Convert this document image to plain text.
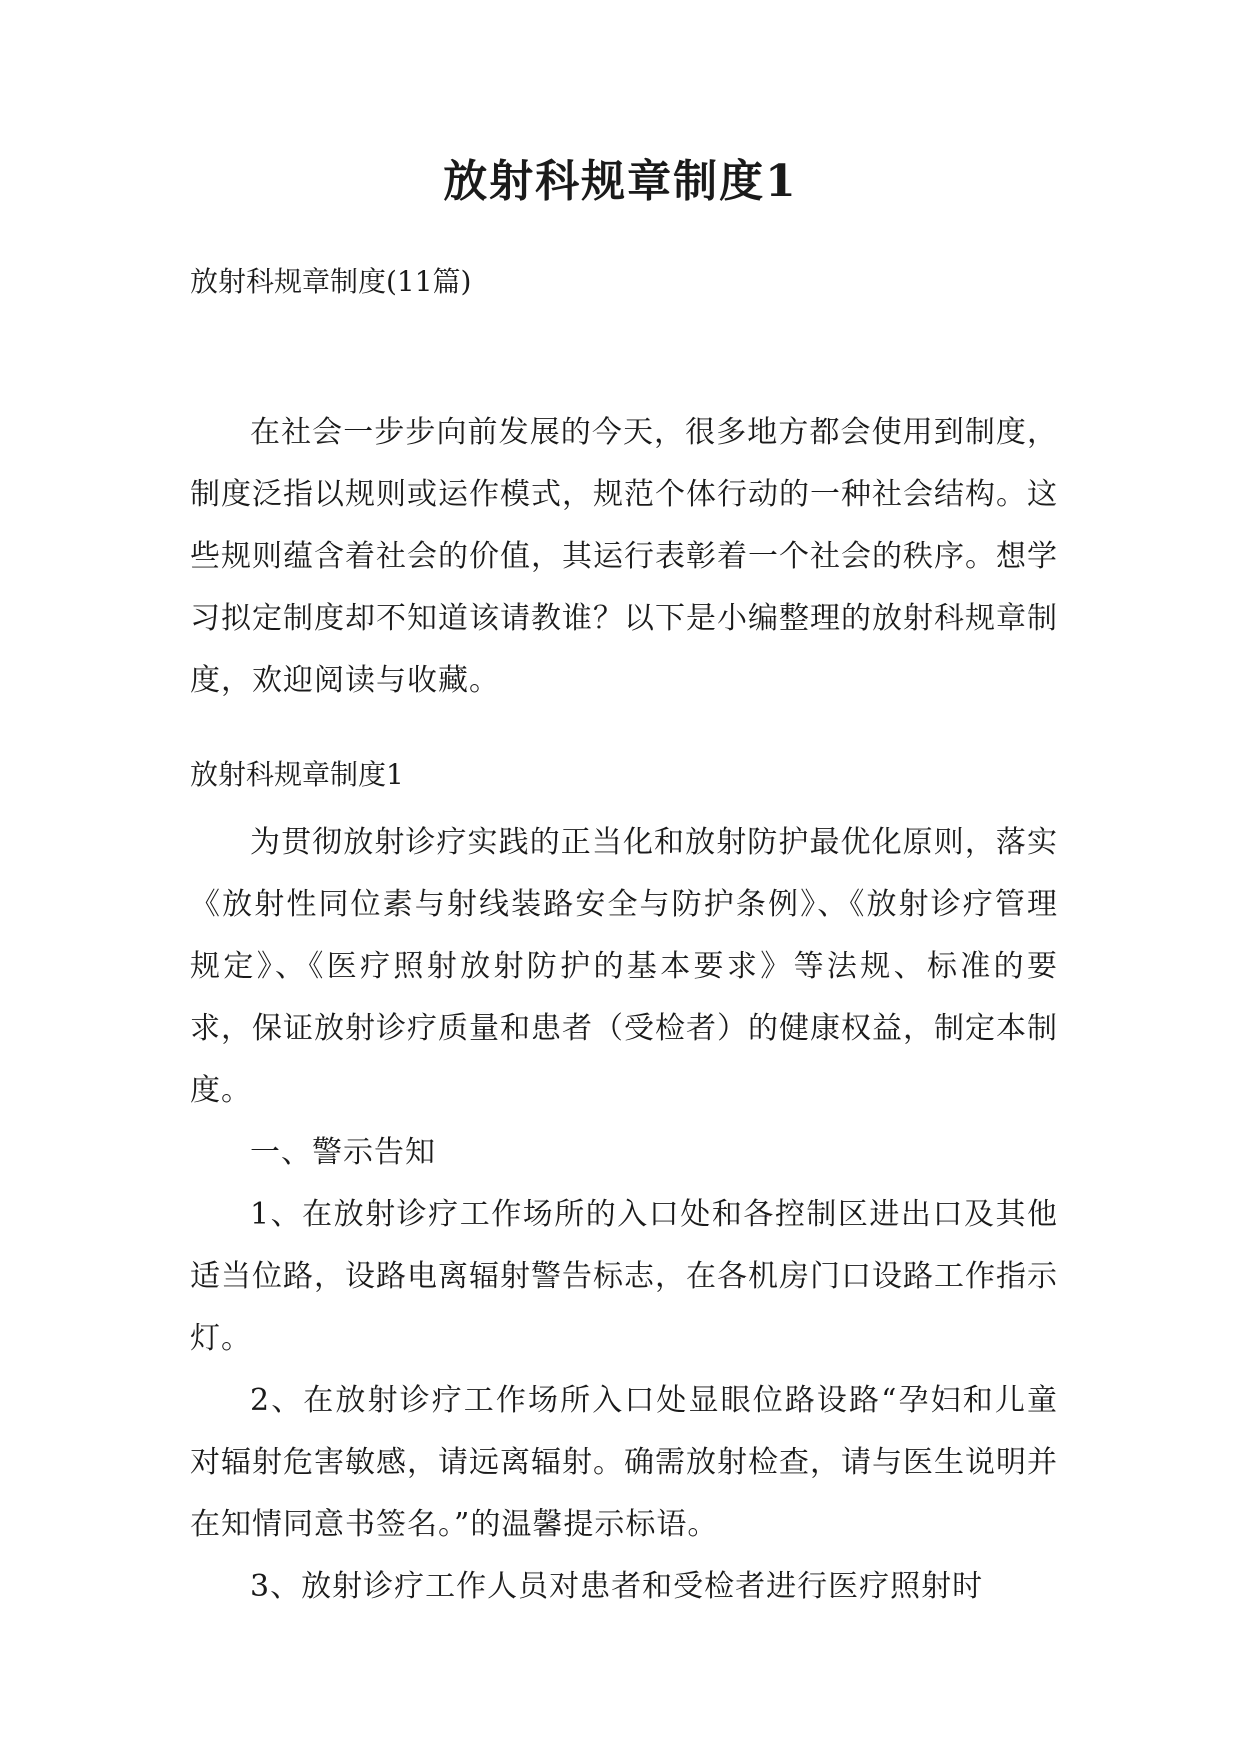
放射科规章制度1
放射科规章制度(11篇)

在社会一步步向前发展的今天，很多地方都会使用到制度，制度泛指以规则或运作模式，规范个体行动的一种社会结构。这些规则蕴含着社会的价值，其运行表彰着一个社会的秩序。想学习拟定制度却不知道该请教谁？以下是小编整理的放射科规章制度，欢迎阅读与收藏。

放射科规章制度1

为贯彻放射诊疗实践的正当化和放射防护最优化原则，落实《放射性同位素与射线装路安全与防护条例》、《放射诊疗管理规定》、《医疗照射放射防护的基本要求》等法规、标准的要求，保证放射诊疗质量和患者（受检者）的健康权益，制定本制度。

一、警示告知

1、在放射诊疗工作场所的入口处和各控制区进出口及其他适当位路，设路电离辐射警告标志，在各机房门口设路工作指示灯。

2、在放射诊疗工作场所入口处显眼位路设路“孕妇和儿童对辐射危害敏感，请远离辐射。确需放射检查，请与医生说明并在知情同意书签名。”的温馨提示标语。

3、放射诊疗工作人员对患者和受检者进行医疗照射时
